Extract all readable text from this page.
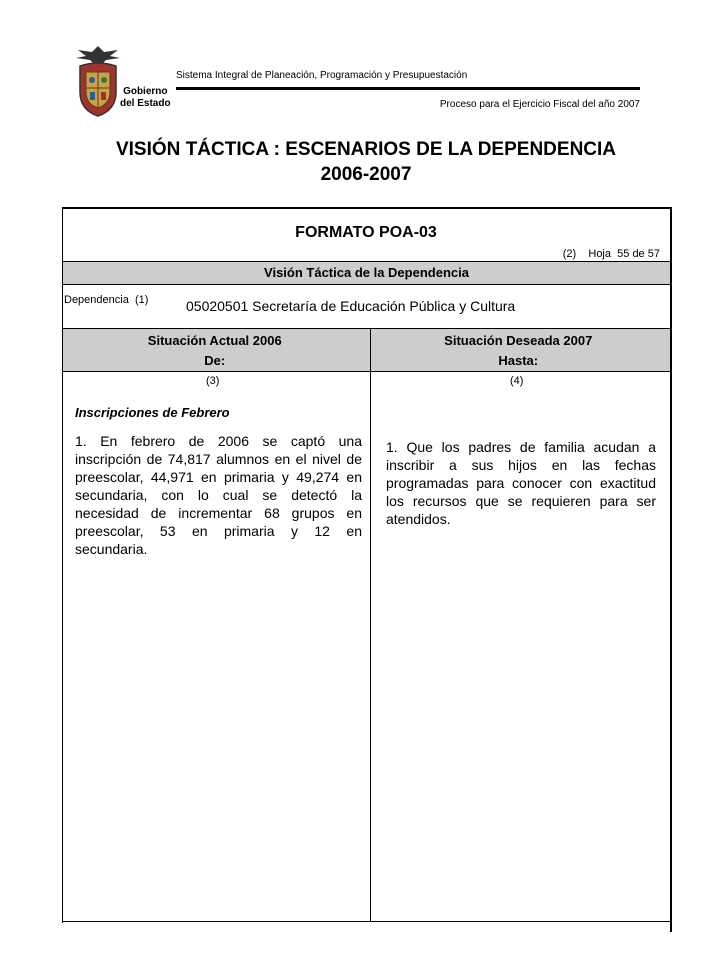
Gobierno
del Estado
Sistema Integral de Planeación, Programación y Presupuestación
Proceso para el Ejercicio Fiscal del año 2007
VISIÓN TÁCTICA : ESCENARIOS DE LA DEPENDENCIA
2006-2007
FORMATO POA-03
(2) Hoja 55 de 57
Visión Táctica de la Dependencia
Dependencia (1)	05020501 Secretaría de Educación Pública y Cultura
Situación Actual 2006
De:
Situación Deseada 2007
Hasta:
(3)	(4)
Inscripciones de Febrero
1. En febrero de 2006 se captó una inscripción de 74,817 alumnos en el nivel de preescolar, 44,971 en primaria y 49,274 en secundaria, con lo cual se detectó la necesidad de incrementar 68 grupos en preescolar, 53 en primaria y 12 en secundaria.
1. Que los padres de familia acudan a inscribir a sus hijos en las fechas programadas para conocer con exactitud los recursos que se requieren para ser atendidos.
